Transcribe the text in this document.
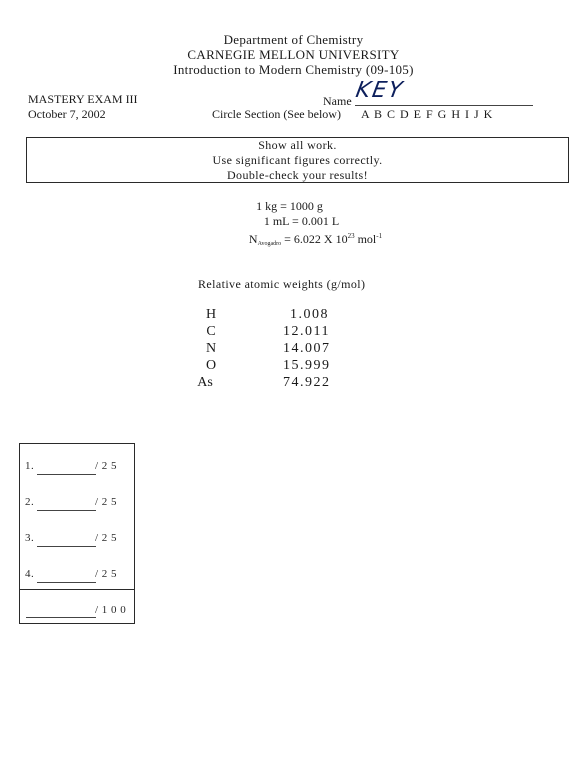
Department of Chemistry
CARNEGIE MELLON UNIVERSITY
Introduction to Modern Chemistry (09-105)
MASTERY EXAM III
October 7, 2002
Name KEY
Circle Section (See below) A B C D E F G H I J K
Show all work.
Use significant figures correctly.
Double-check your results!
1 kg = 1000 g
1 mL = 0.001 L
$N_{Avogadro} = 6.022$ X $10^{23}$ mol$^{-1}$
Relative atomic weights (g/mol)
H	1.008
C	12.011
N	14.007
O	15.999
As	74.922
1.	/ 2 5
2.	/ 2 5
3.	/ 2 5
4.	/ 2 5
/ 1 0 0
